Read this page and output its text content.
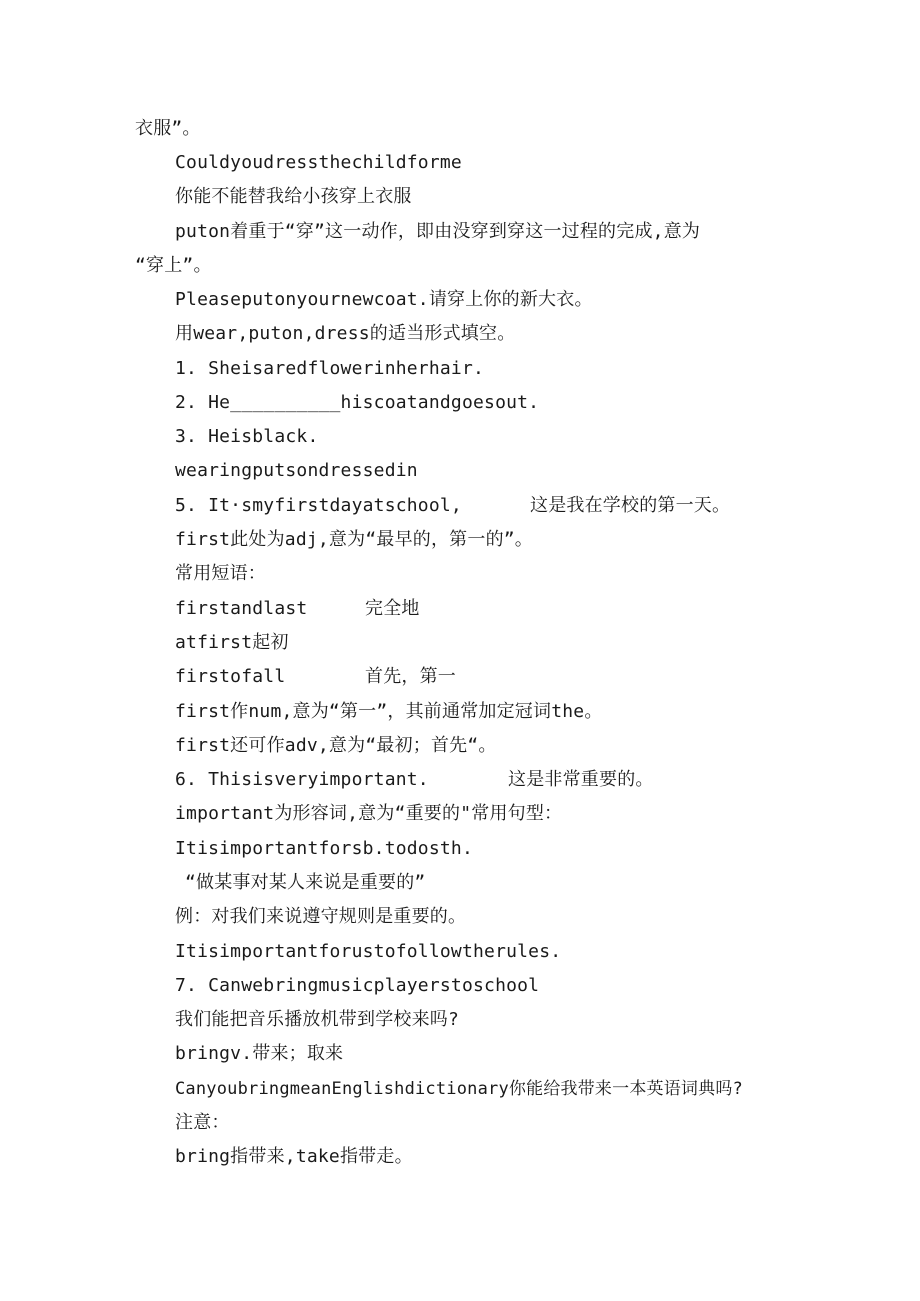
衣服”。
Couldyoudressthechildforme
你能不能替我给小孩穿上衣服
puton着重于“穿”这一动作，即由没穿到穿这一过程的完成,意为
“穿上”。
Pleaseputonyournewcoat.请穿上你的新大衣。
用wear,puton,dress的适当形式填空。
1. Sheisaredflowerinherhair.
2. He__________hiscoatandgoesout.
3. Heisblack.
wearingputsondressedin
5. It·smyfirstdayatschool,	这是我在学校的第一天。
first此处为adj,意为“最早的，第一的”。
常用短语：
firstandlast	完全地
atfirst起初
firstofall	首先，第一
first作num,意为“第一”，其前通常加定冠词the。
first还可作adv,意为“最初；首先“。
6. Thisisveryimportant.	这是非常重要的。
important为形容词,意为“重要的"常用句型：
Itisimportantforsb.todosth.
“做某事对某人来说是重要的”
例：对我们来说遵守规则是重要的。
Itisimportantforustofollowtherules.
7. Canwebringmusicplayerstoschool
我们能把音乐播放机带到学校来吗?
bringv.带来；取来
CanyoubringmeanEnglishdictionary你能给我带来一本英语词典吗?
注意：
bring指带来,take指带走。
